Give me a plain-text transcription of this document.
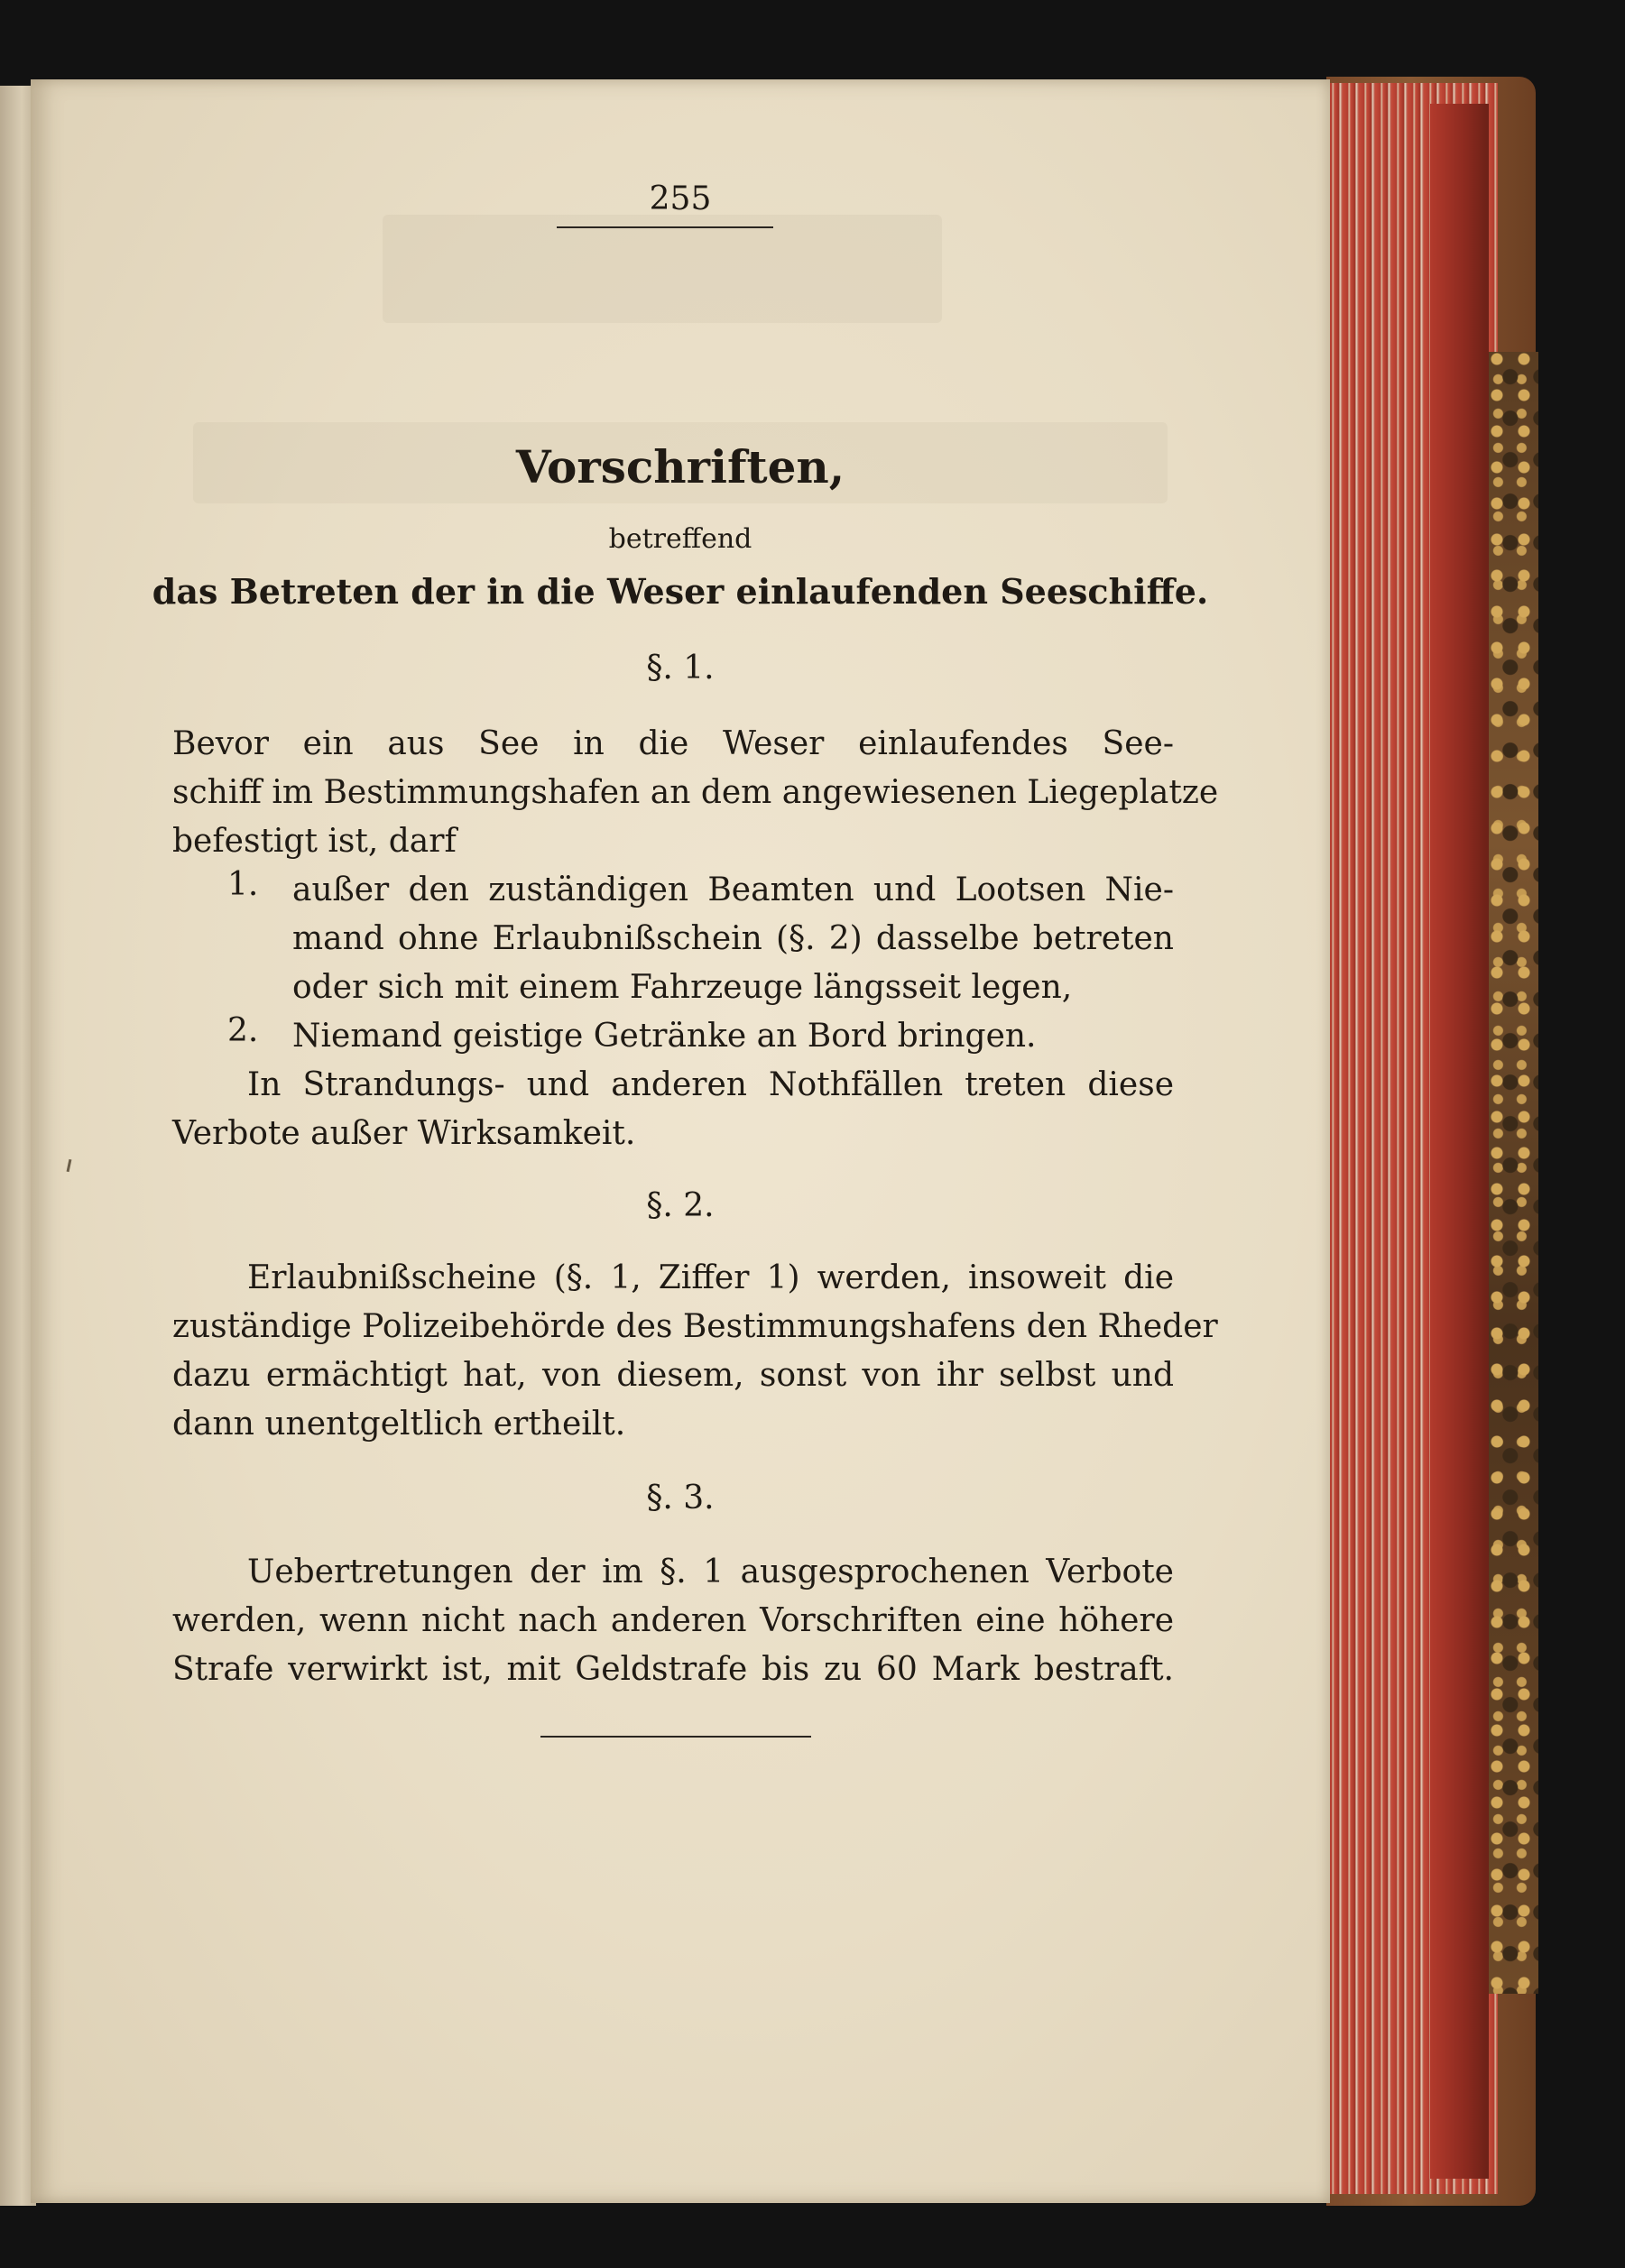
255
Vorschriften,
betreffend
das Betreten der in die Weser einlaufenden Seeschiffe.
§. 1.
Bevor ein aus See in die Weser einlaufendes See-
schiff im Bestimmungshafen an dem angewiesenen Liegeplatze
befestigt ist, darf
1. außer den zuständigen Beamten und Lootsen Nie-
mand ohne Erlaubnißschein (§. 2) dasselbe betreten
oder sich mit einem Fahrzeuge längsseit legen,
2. Niemand geistige Getränke an Bord bringen.
In Strandungs- und anderen Nothfällen treten diese
Verbote außer Wirksamkeit.
§. 2.
Erlaubnißscheine (§. 1, Ziffer 1) werden, insoweit die
zuständige Polizeibehörde des Bestimmungshafens den Rheder
dazu ermächtigt hat, von diesem, sonst von ihr selbst und
dann unentgeltlich ertheilt.
§. 3.
Uebertretungen der im §. 1 ausgesprochenen Verbote
werden, wenn nicht nach anderen Vorschriften eine höhere
Strafe verwirkt ist, mit Geldstrafe bis zu 60 Mark bestraft.
